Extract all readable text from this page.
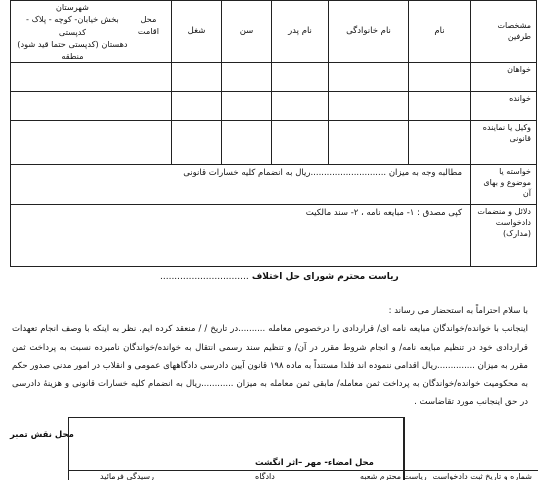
مشخصات طرفین	نام	نام خانوادگی	نام پدر	سن	شغل	محل اقامت
شهرستان
بخش خیابان- کوچه - پلاک - کدپستی
دهستان (کدپستی حتما قید شود)
منطقه

خواهان						
خوانده						
وکیل یا نماینده قانونی						
خواسته یا موضوع و بهای آن	مطالبه وجه به میزان ............................ریال به انضمام کلیه خسارات قانونی					
دلائل و منضمات دادخواست (مدارک)	کپی مصدق : ۱- مبایعه نامه ، ۲- سند مالکیت					
ریاست محترم شورای حل اختلاف ...............................

با سلام احتراماً به استحضار می رساند :

اینجانب با خوانده/خواندگان مبایعه نامه ای/ قراردادی را درخصوص معامله ..........در تاریخ / / منعقد کرده ایم. نظر به اینکه با وصف انجام تعهدات قراردادی خود در تنظیم مبایعه نامه/ و انجام شروط مقرر در آن/ و تنظیم سند رسمی انتقال به خوانده/خواندگان نامبرده نسبت به پرداخت ثمن مقرر به میزان ..............ریال اقدامی ننموده اند فلذا مستنداً به ماده ۱۹۸ قانون آیین دادرسی دادگاههای عمومی و انقلاب در امور مدنی صدور حکم به محکومیت خوانده/خواندگان به پرداخت ثمن معامله/ مابقی ثمن معامله به میزان ............ریال به انضمام کلیه خسارات قانونی و هزینۀ دادرسی در حق اینجانب مورد تقاضاست .

محل نقش تمبر
محل امضاء- مهر –اثر انگشت
شماره و تاریخ ثبت دادخواست
ریاست محترم شعبه
دادگاه
رسیدگی فرمائید
